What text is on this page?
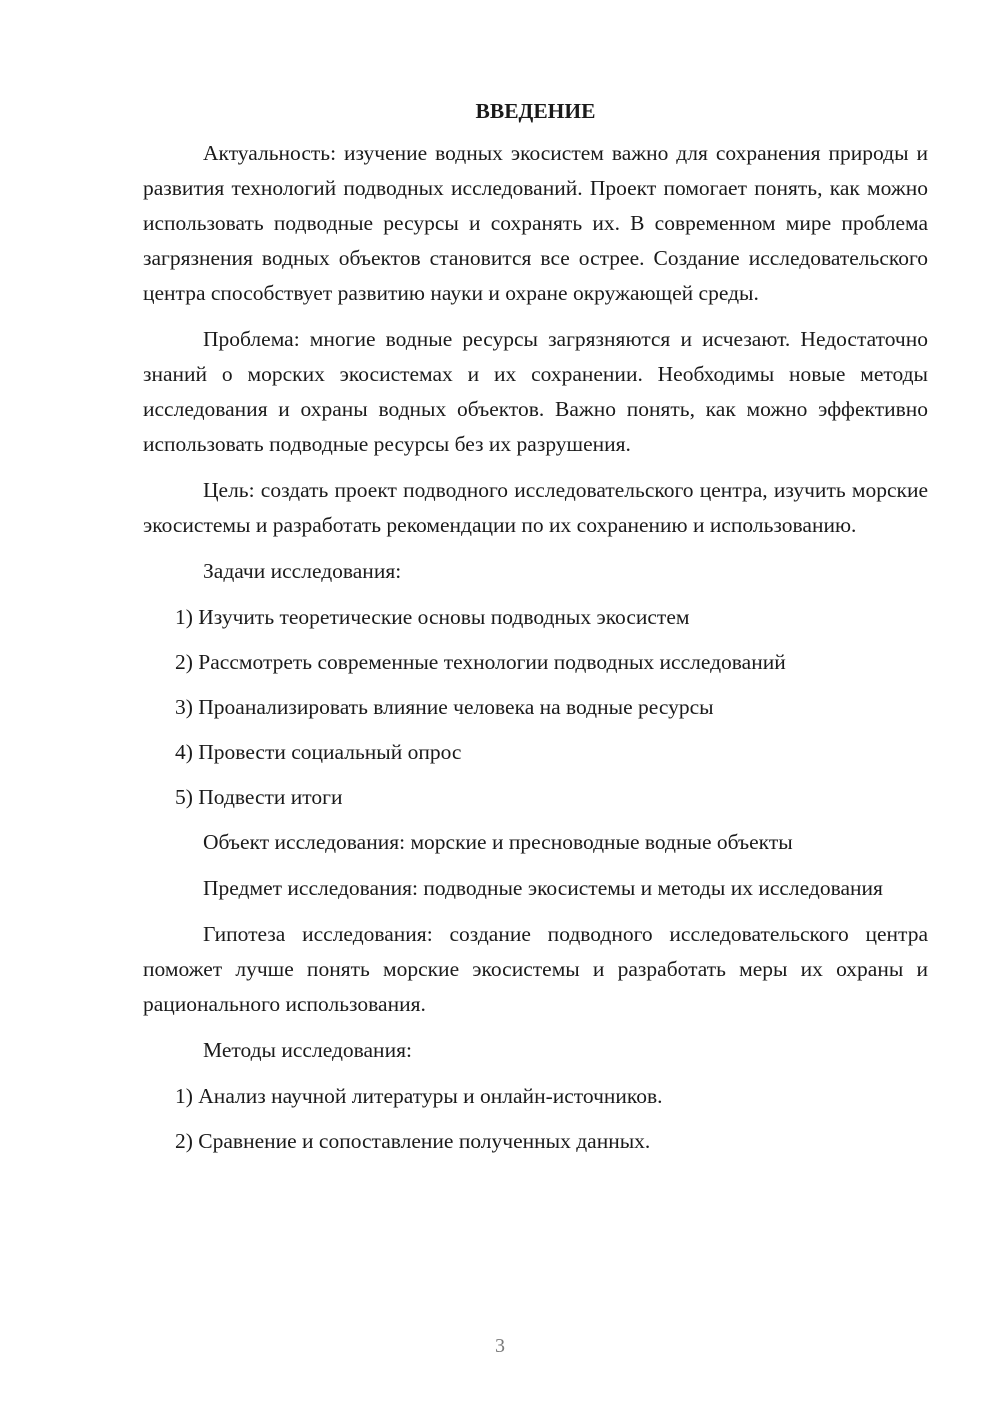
ВВЕДЕНИЕ

Актуальность: изучение водных экосистем важно для сохранения природы и развития технологий подводных исследований. Проект помогает понять, как можно использовать подводные ресурсы и сохранять их. В современном мире проблема загрязнения водных объектов становится все острее. Создание исследовательского центра способствует развитию науки и охране окружающей среды.

Проблема: многие водные ресурсы загрязняются и исчезают. Недостаточно знаний о морских экосистемах и их сохранении. Необходимы новые методы исследования и охраны водных объектов. Важно понять, как можно эффективно использовать подводные ресурсы без их разрушения.

Цель: создать проект подводного исследовательского центра, изучить морские экосистемы и разработать рекомендации по их сохранению и использованию.

Задачи исследования:

1) Изучить теоретические основы подводных экосистем
2) Рассмотреть современные технологии подводных исследований
3) Проанализировать влияние человека на водные ресурсы
4) Провести социальный опрос
5) Подвести итоги

Объект исследования: морские и пресноводные водные объекты

Предмет исследования: подводные экосистемы и методы их исследования

Гипотеза исследования: создание подводного исследовательского центра поможет лучше понять морские экосистемы и разработать меры их охраны и рационального использования.

Методы исследования:

1) Анализ научной литературы и онлайн-источников.
2) Сравнение и сопоставление полученных данных.
3
